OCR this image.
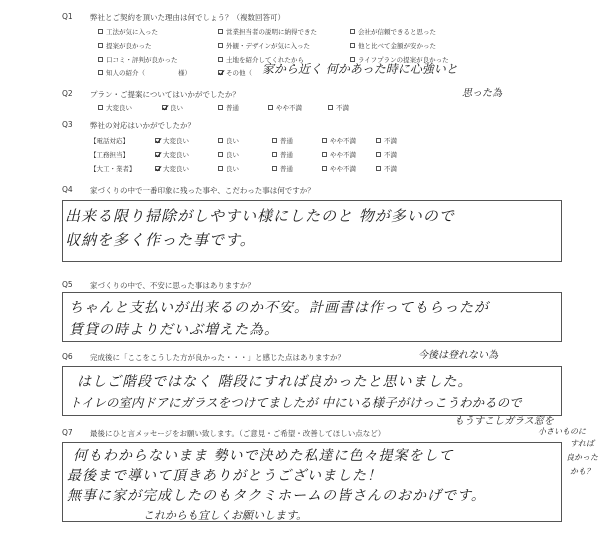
Q1 弊社とご契約を頂いた理由は何でしょう？（複数回答可）
工法が気に入った	営業担当者の説明に納得できた	会社が信頼できると思った
提案が良かった	外観・デザインが気に入った	他と比べて金額が安かった
口コミ・評判が良かった	土地を紹介してくれたから	ライフプランの提案が良かった
知人の紹介（	様）	その他（ 家から近く 何かあった時に心強いと
思った為
Q2 プラン・ご提案についてはいかがでしたか？
大変良い	良い	普通	やや不満	不満
Q3 弊社の対応はいかがでしたか？
【電話対応】	大変良い	良い	普通	やや不満	不満
【工務担当】	大変良い	良い	普通	やや不満	不満
【大工・業者】	大変良い	良い	普通	やや不満	不満
Q4 家づくりの中で一番印象に残った事や、こだわった事は何ですか？
出来る限り掃除がしやすい様にしたのと 物が多いので
収納を多く作った事です。
Q5 家づくりの中で、不安に思った事はありますか？
ちゃんと支払いが出来るのか不安。計画書は作ってもらったが
賃貸の時よりだいぶ増えた為。
Q6 完成後に「ここをこうした方が良かった・・・」と感じた点はありますか？	今後は登れない為
はしご階段ではなく 階段にすれば良かったと思いました。
トイレの室内ドアにガラスをつけてましたが 中にいる様子がけっこうわかるので
もうすこしガラス窓を
小さいものに
すれば
良かった
かも？
Q7 最後にひと言メッセージをお願い致します。（ご意見・ご希望・改善してほしい点など）
何もわからないまま 勢いで決めた私達に色々提案をして
最後まで導いて頂きありがとうございました！
無事に家が完成したのもタクミホームの皆さんのおかげです。
これからも宜しくお願いします。
